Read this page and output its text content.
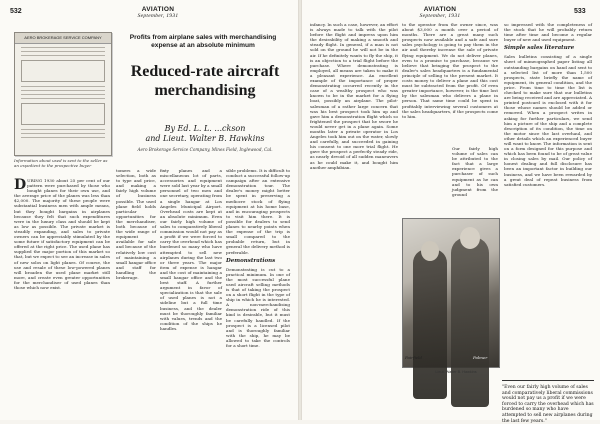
532	AVIATION
September, 1931
AERO BROKERAGE SERVICE COMPANY
Information about used is sent to the seller as an expedient to the prospective buyer
Profits from airplane sales with merchandising expense at an absolute minimum
Reduced-rate aircraft merchandising
By Ed. L. L. ...ckson
and Lieut. Walter B. Hawkins
Aero Brokerage Service Company, Mines Field, Inglewood, Cal.
DURING 1930 about 25 per cent of our pattern were purchased by those who bought planes for their own use, and the average price of the planes was less than $2,000. The majority of these people were substantial business men with ample means, but they bought bargains in airplanes because they felt that such expenditures were in the luxury class and should be kept as low as possible. The private market is steadily expanding, and sales to private owners can be appreciably stimulated by the some future if satisfactory equipment can be offered at the right price. The used plane has supplied the major portion of this market so that, but we expect to see an increase in sales of new solos on light planes. Of course, the use and resale of these low-powered planes will broaden the used plane market still more, and create even greater opportunities for the merchandiser of used planes than those which now exist.

tomers a wide selection, both as to type and price, and making a fairly high volume of business possible. The used plane field holds particular opportunities for the merchandiser, both because of the wide range of equipment available for sale and because of the relatively low cost of maintaining a small hangar office and staff for handling the brokerage.

fixty planes and a miscellaneous lot of parts, accessories and equipment were sold last year by a small personnel of two men and one secretary, operating from a single hangar at Los Angeles Municipal Airport. Overhead costs are kept at an absolute minimum. Even our fairly high volume of sales to comparatively liberal commission would not pay as a profit if we were forced to carry the overhead which has burdened so many who have attempted to sell new airplanes during the last two or three years. The major item of expense is hangar and the cost of maintaining a small hangar office and the best staff. A further argument in favor of specialization is that the sale of used planes is not a sideline but a full time business, and the dealer must be thoroughly familiar with values, trends and the condition of the ships he handles.

sible problems. It is difficult to conduct a successful follow-up campaign after an extensive demonstration tour. The dealer's money might better be spent in preserving a mediocre stock of flying equipment at his home base, and in encouraging prospects to visit him there. It is possible for dealers to send planes to nearby points when the expense of the trip is small compared to the probable return, but in general the delivery method is preferable.

Demonstrations

Demonstrating is cut to a practical minimum. In one of the most successful plane used aircraft selling methods is that of taking the prospect on a short flight in the type of ship in which he is interested. A non-merchandising demonstration ride of this kind is desirable, but it must be carefully handled. If the prospect is a licensed pilot and is thoroughly familiar with the ship, he may be allowed to take the controls for a short time.

AVIATION
September, 1931
533

infancy. In such a case, however, an effort is always made to talk with the pilot before the flight and impress upon him the desirability of making a smooth and steady flight. In general, if a man is not sold on the ground he will not be in the air. If he definitely wants to fly the ship, it is an objection to a trial flight before the purchase. Where demonstrating is employed, all means are taken to make it a pleasant experience. An excellent example of the importance of proper demonstrating occurred recently in the case of a wealthy prospect who was known to be in the market for a flying boat, possibly an airplane. The pilot-salesman of a rather large concern that was his best prospect took him up and gave him a demonstration flight which so frightened the prospect that he swore he would never get in a plane again. Some months later a private operator in Los Angeles took him out on the water, slowly and carefully, and succeeded in gaining his consent to one more trial flight. He gave the prospect a perfectly steady ride, as nearly devoid of all sudden maneuvers as he could make it, and bought him another amphibian.

to the operator from the owner since, was about $3,000 a month over a period of months. There are a great many such prospects now available and a safe and sure sales psychology is going to pay them in the air and thereby increase the sale of private flying equipment. We do not deliver planes, even to a promise to purchase, because we believe that bringing the prospect to the dealer's sales headquarters is a fundamental principle of selling to the present market. It costs money to deliver a plane and this cost must be subtracted from the profit. Of even greater importance, however, is the time lost by the salesman who delivers a plane in person. That same time could be spent in profitably interviewing several customers at the sales headquarters, if the prospects come to him.

Our fairly high volume of sales can be attributed to the fact that a large experience gives a purchaser of such equipment as he can and to his own judgment from the ground

Fairfield	Palmer
Lieut. Walter B. Hawkins

so impressed with the completeness of the stock that he will probably return time after time and become a regular buyer of new and used equipment.

Simple sales literature

Sales bulletins consisting of a single sheet of mimeographed paper listing all outstanding bargains on hand and sent to a selected list of more than 1,500 prospects, state briefly the name of equipment, its general condition, and the price. From time to time the list is checked to make sure that our bulletins are being received and are appreciated. A printed postcard is enclosed with it for those whose names should be added or removed. When a prospect writes in asking for further particulars, we send him a picture of the ship and a complete description of its condition, the time on the motor since the last overhaul, and other details which an experienced buyer will want to know. The information is sent on a form designed for this purpose and which has been found to be of great value in closing sales by mail. Our policy of honest dealing and full disclosure has been an important factor in building our business, and we have been rewarded by a great deal of repeat business from satisfied customers.

"Even our fairly high volume of sales and comparatively liberal commissions would not pay us a profit if we were forced to carry the overhead which has burdened so many who have attempted to sell new airplanes during the last few years."
